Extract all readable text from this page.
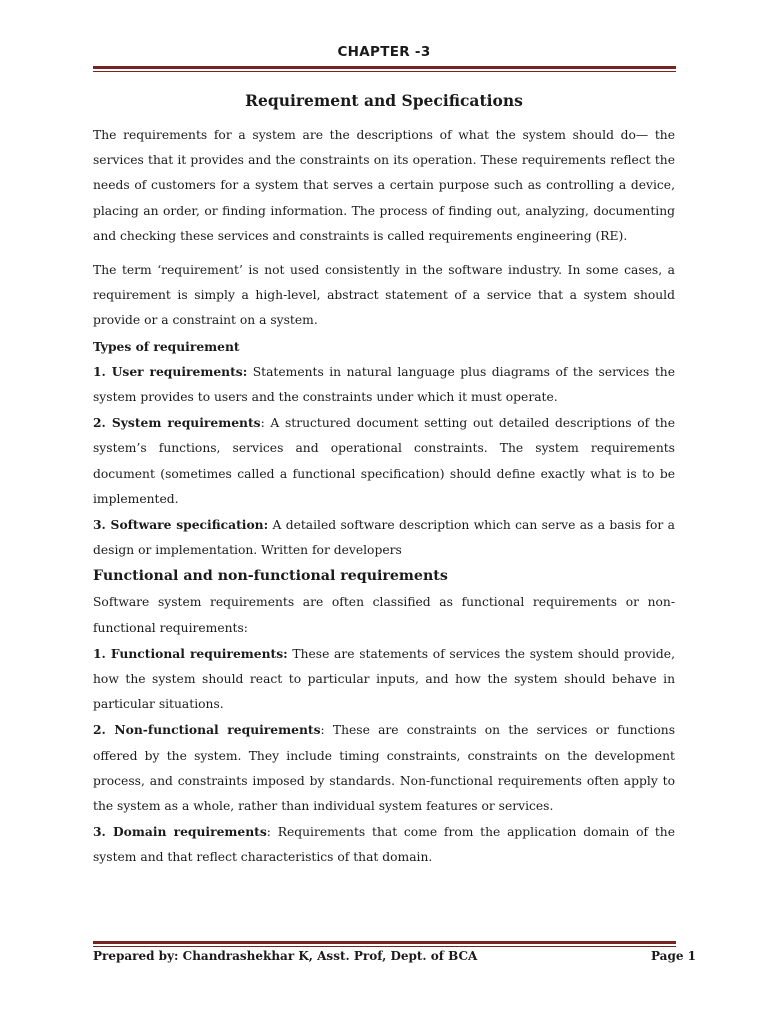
CHAPTER -3
Requirement and Specifications

The requirements for a system are the descriptions of what the system should do— the services that it provides and the constraints on its operation. These requirements reflect the needs of customers for a system that serves a certain purpose such as controlling a device, placing an order, or finding information. The process of finding out, analyzing, documenting and checking these services and constraints is called requirements engineering (RE).

The term ‘requirement’ is not used consistently in the software industry. In some cases, a requirement is simply a high-level, abstract statement of a service that a system should provide or a constraint on a system.

Types of requirement

1. User requirements: Statements in natural language plus diagrams of the services the system provides to users and the constraints under which it must operate.

2. System requirements: A structured document setting out detailed descriptions of the system’s functions, services and operational constraints. The system requirements document (sometimes called a functional specification) should define exactly what is to be implemented.

3. Software specification: A detailed software description which can serve as a basis for a design or implementation. Written for developers

Functional and non-functional requirements

Software system requirements are often classified as functional requirements or non-functional requirements:

1. Functional requirements: These are statements of services the system should provide, how the system should react to particular inputs, and how the system should behave in particular situations.

2. Non-functional requirements: These are constraints on the services or functions offered by the system. They include timing constraints, constraints on the development process, and constraints imposed by standards. Non-functional requirements often apply to the system as a whole, rather than individual system features or services.

3. Domain requirements: Requirements that come from the application domain of the system and that reflect characteristics of that domain.

Prepared by: Chandrashekhar K, Asst. Prof, Dept. of BCA	Page 1
